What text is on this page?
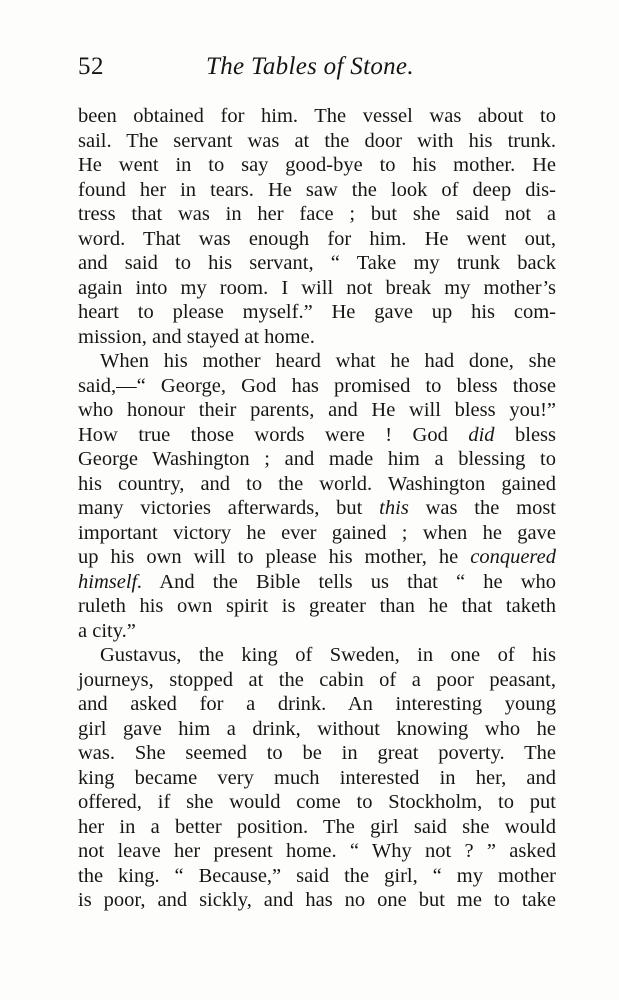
52	The Tables of Stone.
been obtained for him. The vessel was about to
sail. The servant was at the door with his trunk.
He went in to say good-bye to his mother. He
found her in tears. He saw the look of deep dis-
tress that was in her face ; but she said not a
word. That was enough for him. He went out,
and said to his servant, “ Take my trunk back
again into my room. I will not break my mother’s
heart to please myself.” He gave up his com-
mission, and stayed at home.
When his mother heard what he had done, she
said,—“ George, God has promised to bless those
who honour their parents, and He will bless you!”
How true those words were ! God did bless
George Washington ; and made him a blessing to
his country, and to the world. Washington gained
many victories afterwards, but this was the most
important victory he ever gained ; when he gave
up his own will to please his mother, he conquered
himself. And the Bible tells us that “ he who
ruleth his own spirit is greater than he that taketh
a city.”
Gustavus, the king of Sweden, in one of his
journeys, stopped at the cabin of a poor peasant,
and asked for a drink. An interesting young
girl gave him a drink, without knowing who he
was. She seemed to be in great poverty. The
king became very much interested in her, and
offered, if she would come to Stockholm, to put
her in a better position. The girl said she would
not leave her present home. “ Why not ? ” asked
the king. “ Because,” said the girl, “ my mother
is poor, and sickly, and has no one but me to take
